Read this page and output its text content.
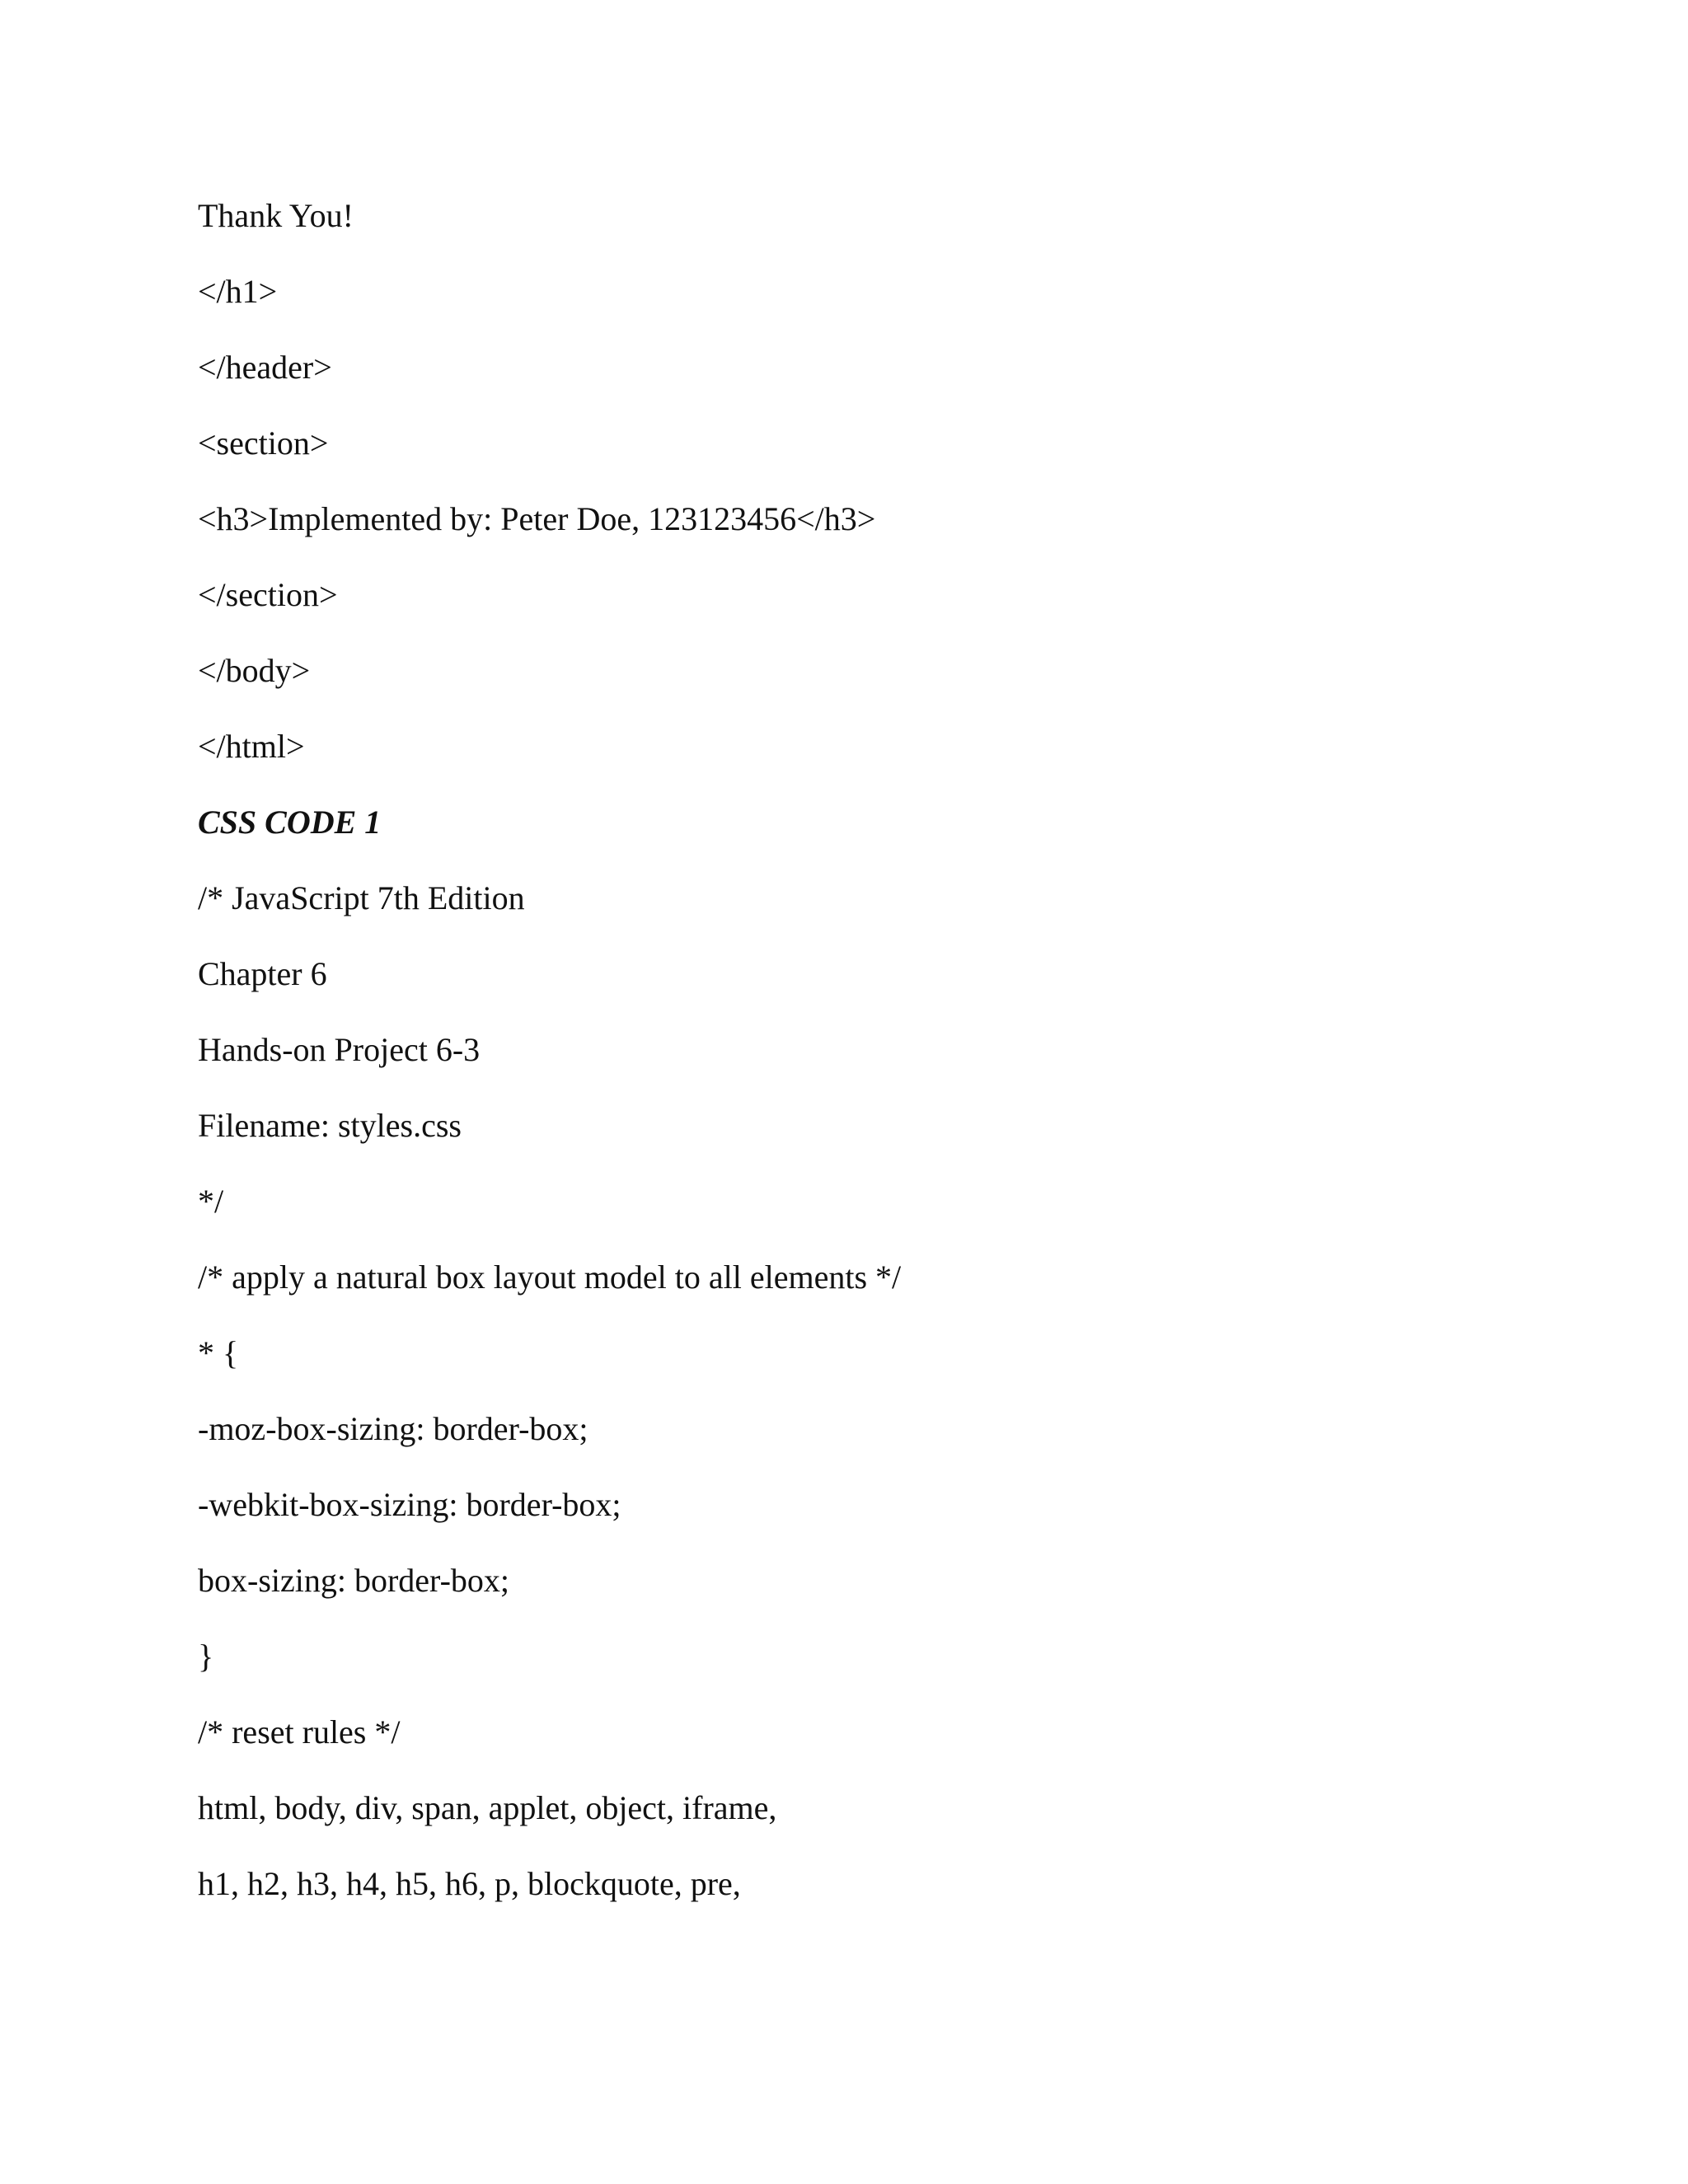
Thank You!
</h1>
</header>
<section>
<h3>Implemented by: Peter Doe, 123123456</h3>
</section>
</body>
</html>
CSS CODE 1
/* JavaScript 7th Edition
Chapter 6
Hands-on Project 6-3
Filename: styles.css
*/
/* apply a natural box layout model to all elements */
* {
-moz-box-sizing: border-box;
-webkit-box-sizing: border-box;
box-sizing: border-box;
}
/* reset rules */
html, body, div, span, applet, object, iframe,
h1, h2, h3, h4, h5, h6, p, blockquote, pre,
